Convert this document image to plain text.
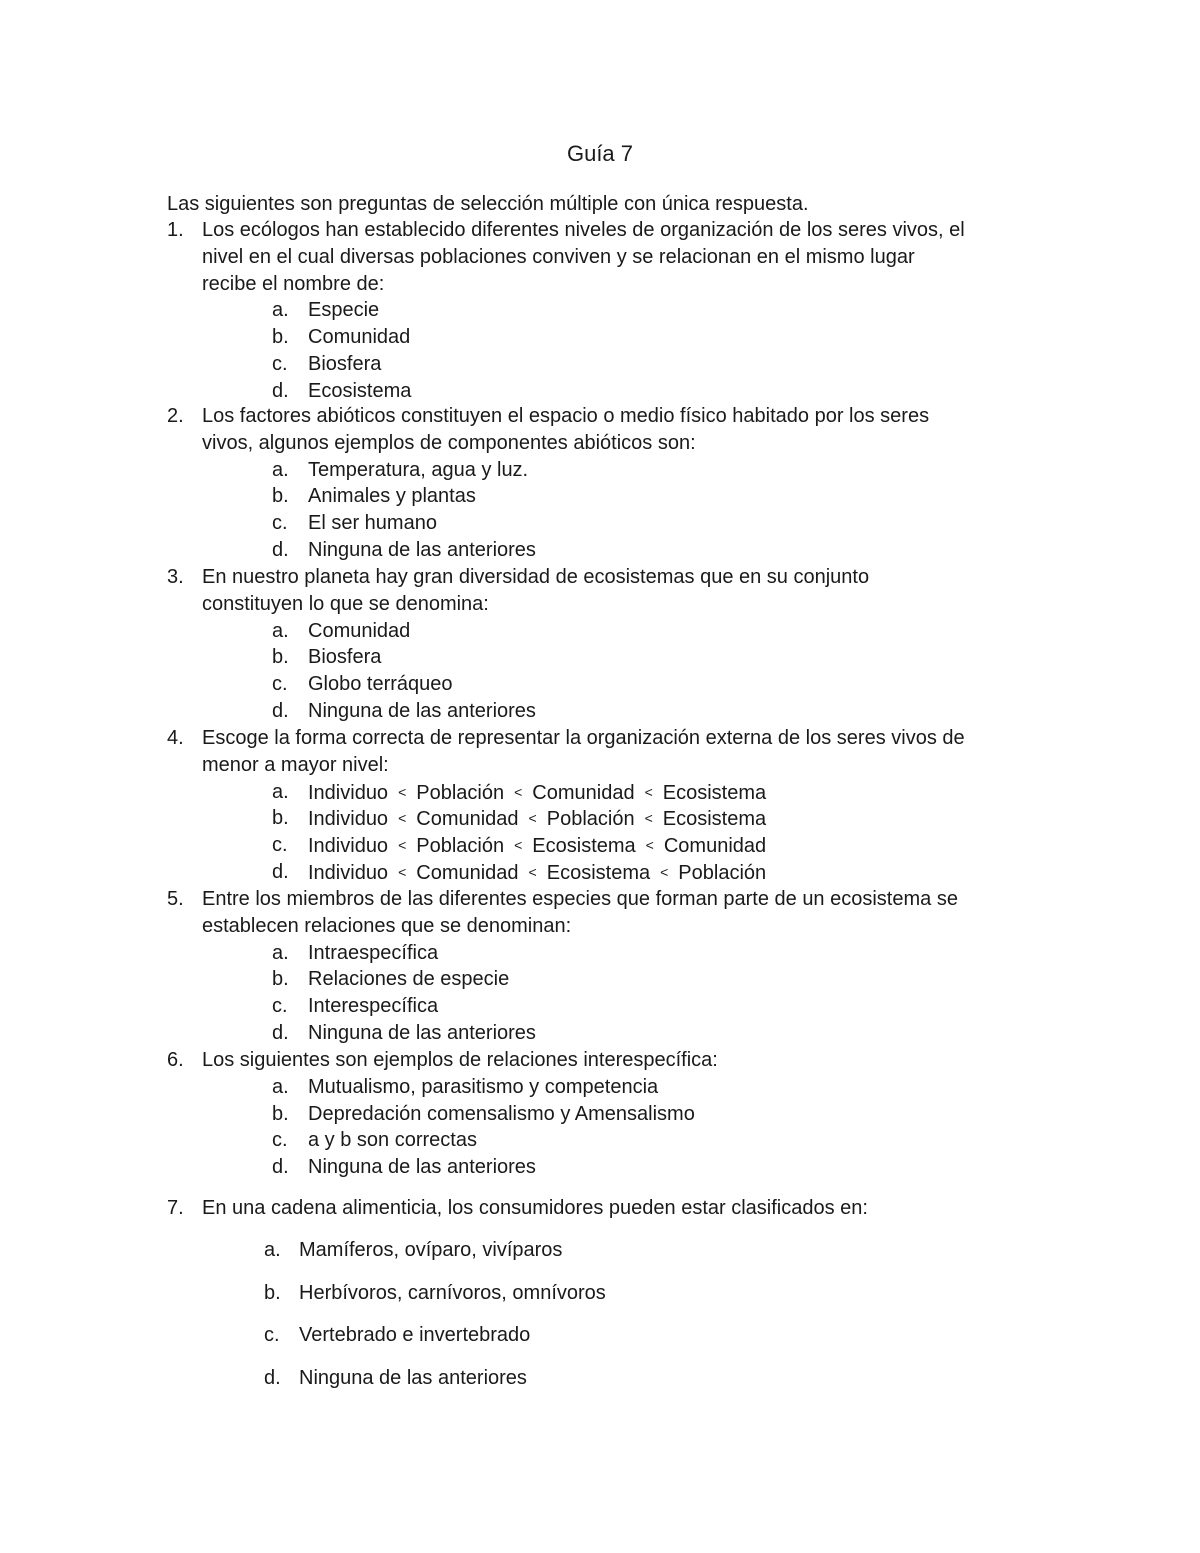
Guía 7
Las siguientes son preguntas de selección múltiple con única respuesta.
1. Los ecólogos han establecido diferentes niveles de organización de los seres vivos, el
nivel en el cual diversas poblaciones conviven y se relacionan en el mismo lugar
recibe el nombre de:
a. Especie
b. Comunidad
c. Biosfera
d. Ecosistema
2. Los factores abióticos constituyen el espacio o medio físico habitado por los seres
vivos, algunos ejemplos de componentes abióticos son:
a. Temperatura, agua y luz.
b. Animales y plantas
c. El ser humano
d. Ninguna de las anteriores
3. En nuestro planeta hay gran diversidad de ecosistemas que en su conjunto
constituyen lo que se denomina:
a. Comunidad
b. Biosfera
c. Globo terráqueo
d. Ninguna de las anteriores
4. Escoge la forma correcta de representar la organización externa de los seres vivos de
menor a mayor nivel:
a. Individuo < Población < Comunidad < Ecosistema
b. Individuo < Comunidad < Población < Ecosistema
c. Individuo < Población < Ecosistema < Comunidad
d. Individuo < Comunidad < Ecosistema < Población
5. Entre los miembros de las diferentes especies que forman parte de un ecosistema se
establecen relaciones que se denominan:
a. Intraespecífica
b. Relaciones de especie
c. Interespecífica
d. Ninguna de las anteriores
6. Los siguientes son ejemplos de relaciones interespecífica:
a. Mutualismo, parasitismo y competencia
b. Depredación comensalismo y Amensalismo
c. a y b son correctas
d. Ninguna de las anteriores
7. En una cadena alimenticia, los consumidores pueden estar clasificados en:
a. Mamíferos, ovíparo, vivíparos
b. Herbívoros, carnívoros, omnívoros
c. Vertebrado e invertebrado
d. Ninguna de las anteriores
